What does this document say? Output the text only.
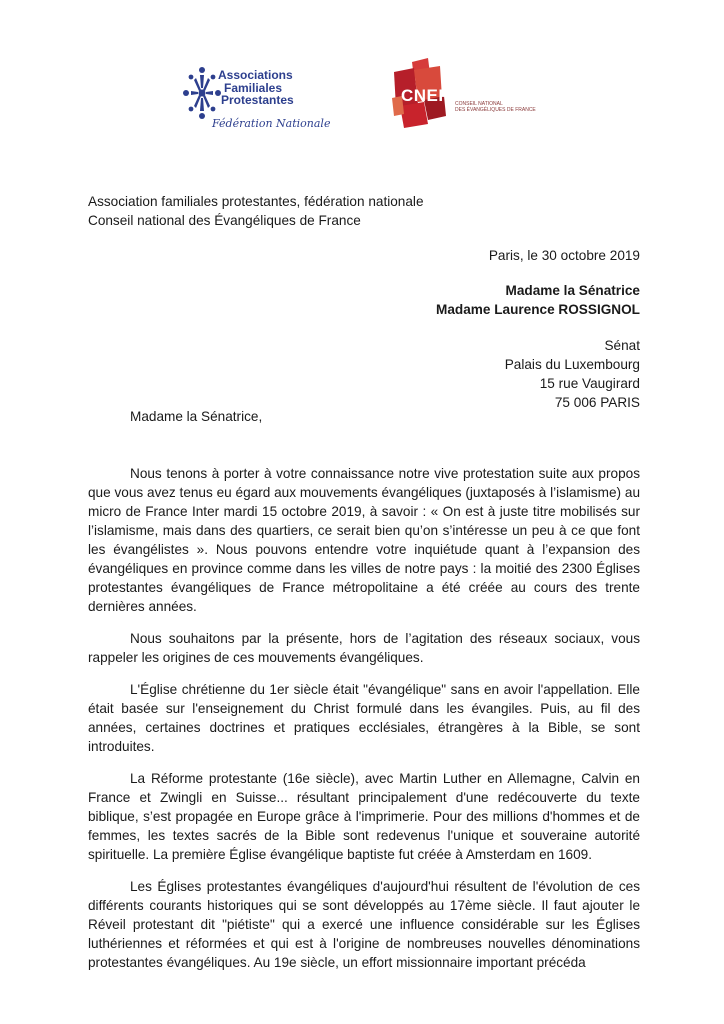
Associations
Familiales
Protestantes
Fédération Nationale
CNEF CONSEIL NATIONAL
DES ÉVANGÉLIQUES DE FRANCE
Association familiales protestantes, fédération nationale
Conseil national des Évangéliques de France
Paris, le 30 octobre 2019
Madame la Sénatrice
Madame Laurence ROSSIGNOL
Sénat
Palais du Luxembourg
15 rue Vaugirard
75 006 PARIS
Madame la Sénatrice,

Nous tenons à porter à votre connaissance notre vive protestation suite aux propos que vous avez tenus eu égard aux mouvements évangéliques (juxtaposés à l’islamisme) au micro de France Inter mardi 15 octobre 2019, à savoir : « On est à juste titre mobilisés sur l’islamisme, mais dans des quartiers, ce serait bien qu’on s’intéresse un peu à ce que font les évangélistes ». Nous pouvons entendre votre inquiétude quant à l’expansion des évangéliques en province comme dans les villes de notre pays : la moitié des 2300 Églises protestantes évangéliques de France métropolitaine a été créée au cours des trente dernières années.

Nous souhaitons par la présente, hors de l’agitation des réseaux sociaux, vous rappeler les origines de ces mouvements évangéliques.

L'Église chrétienne du 1er siècle était "évangélique" sans en avoir l'appellation. Elle était basée sur l'enseignement du Christ formulé dans les évangiles. Puis, au fil des années, certaines doctrines et pratiques ecclésiales, étrangères à la Bible, se sont introduites.

La Réforme protestante (16e siècle), avec Martin Luther en Allemagne, Calvin en France et Zwingli en Suisse... résultant principalement d'une redécouverte du texte biblique, s’est propagée en Europe grâce à l'imprimerie. Pour des millions d'hommes et de femmes, les textes sacrés de la Bible sont redevenus l'unique et souveraine autorité spirituelle. La première Église évangélique baptiste fut créée à Amsterdam en 1609.

Les Églises protestantes évangéliques d'aujourd'hui résultent de l'évolution de ces différents courants historiques qui se sont développés au 17ème siècle. Il faut ajouter le Réveil protestant dit "piétiste" qui a exercé une influence considérable sur les Églises luthériennes et réformées et qui est à l'origine de nombreuses nouvelles dénominations protestantes évangéliques. Au 19e siècle, un effort missionnaire important précéda
